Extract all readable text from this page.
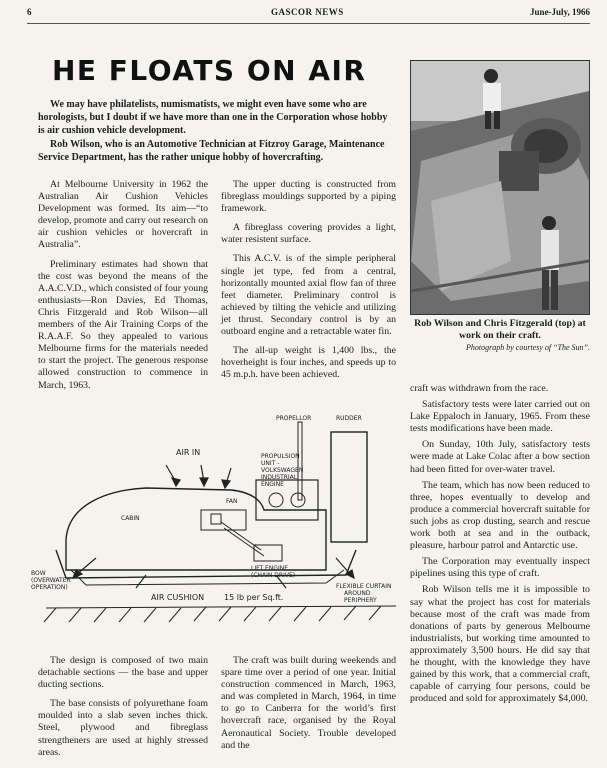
6	GASCOR NEWS	June-July, 1966
HE FLOATS ON AIR

We may have philatelists, numismatists, we might even have some who are horologists, but I doubt if we have more than one in the Corporation whose hobby is air cushion vehicle development.

Rob Wilson, who is an Automotive Technician at Fitzroy Garage, Maintenance Service Department, has the rather unique hobby of hovercrafting.

At Melbourne University in 1962 the Australian Air Cushion Vehicles Development was formed. Its aim—“to develop, promote and carry out research on air cushion vehicles or hovercraft in Australia”.

Preliminary estimates had shown that the cost was beyond the means of the A.A.C.V.D., which consisted of four young enthusiasts—Ron Davies, Ed Thomas, Chris Fitzgerald and Rob Wilson—all members of the Air Training Corps of the R.A.A.F. So they appealed to various Melbourne firms for the materials needed to start the project. The generous response allowed construction to commence in March, 1963.

The upper ducting is constructed from fibreglass mouldings supported by a piping framework.

A fibreglass covering provides a light, water resistent surface.

This A.C.V. is of the simple peripheral single jet type, fed from a central, horizontally mounted axial flow fan of three feet diameter. Preliminary control is achieved by tilting the vehicle and utilizing jet thrust. Secondary control is by an outboard engine and a retractable water fin.

The all-up weight is 1,400 lbs., the hoverheight is four inches, and speeds up to 45 m.p.h. have been achieved.

Rob Wilson and Chris Fitzgerald (top) at work on their craft.
Photograph by courtesy of “The Sun”.

craft was withdrawn from the race.

Satisfactory tests were later carried out on Lake Eppaloch in January, 1965. From these tests modifications have been made.

On Sunday, 10th July, satisfactory tests were made at Lake Colac after a bow section had been fitted for over-water travel.

The team, which has now been reduced to three, hopes eventually to develop and produce a commercial hovercraft suitable for such jobs as crop dusting, search and rescue work both at sea and in the outback, pleasure, harbour patrol and Antarctic use.

The Corporation may eventually inspect pipelines using this type of craft.

Rob Wilson tells me it is impossible to say what the project has cost for materials because most of the craft was made from donations of parts by generous Melbourne industrialists, but working time amounted to approximately 3,500 hours. He did say that he thought, with the knowledge they have gained by this work, that a commercial craft, capable of carrying four persons, could be produced and sold for approximately $4,000.

PROPELLOR	RUDDER
AIR IN	PROPULSION
UNIT -
VOLKSWAGEN
INDUSTRIAL
ENGINE
CABIN
FAN
LIFT ENGINE
(CHAIN DRIVE)
BOW
(OVERWATER
OPERATION)
AIR CUSHION 15 lb per Sq.ft.
FLEXIBLE CURTAIN
AROUND
PERIPHERY

The design is composed of two main detachable sections — the base and upper ducting sections.

The base consists of polyurethane foam moulded into a slab seven inches thick. Steel, plywood and fibreglass strengtheners are used at highly stressed areas.

The craft was built during weekends and spare time over a period of one year. Initial construction commenced in March, 1963, and was completed in March, 1964, in time to go to Canberra for the world’s first hovercraft race, organised by the Royal Aeronautical Society. Trouble developed and the
